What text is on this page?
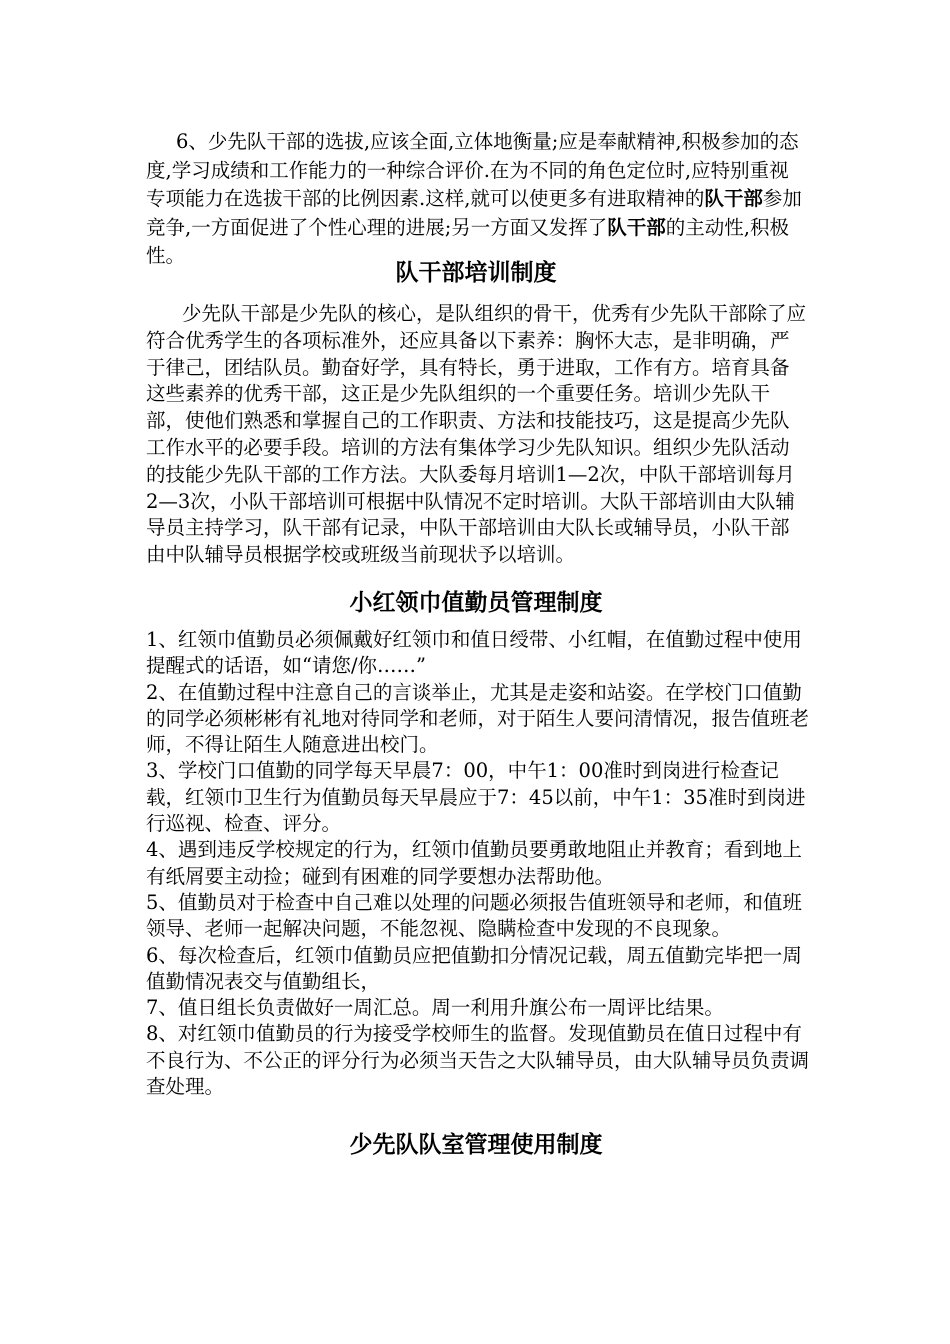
6、少先队干部的选拔,应该全面,立体地衡量;应是奉献精神,积极参加的态度,学习成绩和工作能力的一种综合评价.在为不同的角色定位时,应特别重视专项能力在选拔干部的比例因素.这样,就可以使更多有进取精神的队干部参加竞争,一方面促进了个性心理的进展;另一方面又发挥了队干部的主动性,积极性。

队干部培训制度

少先队干部是少先队的核心，是队组织的骨干，优秀有少先队干部除了应符合优秀学生的各项标准外，还应具备以下素养：胸怀大志，是非明确，严于律己，团结队员。勤奋好学，具有特长，勇于进取，工作有方。培育具备这些素养的优秀干部，这正是少先队组织的一个重要任务。培训少先队干部，使他们熟悉和掌握自己的工作职责、方法和技能技巧，这是提高少先队工作水平的必要手段。培训的方法有集体学习少先队知识。组织少先队活动的技能少先队干部的工作方法。大队委每月培训1—2次，中队干部培训每月2—3次，小队干部培训可根据中队情况不定时培训。大队干部培训由大队辅导员主持学习，队干部有记录，中队干部培训由大队长或辅导员，小队干部由中队辅导员根据学校或班级当前现状予以培训。

小红领巾值勤员管理制度

1、红领巾值勤员必须佩戴好红领巾和值日绶带、小红帽，在值勤过程中使用提醒式的话语，如“请您/你……”

2、在值勤过程中注意自己的言谈举止，尤其是走姿和站姿。在学校门口值勤的同学必须彬彬有礼地对待同学和老师，对于陌生人要问清情况，报告值班老师，不得让陌生人随意进出校门。

3、学校门口值勤的同学每天早晨7：00，中午1：00准时到岗进行检查记载，红领巾卫生行为值勤员每天早晨应于7：45以前，中午1：35准时到岗进行巡视、检查、评分。

4、遇到违反学校规定的行为，红领巾值勤员要勇敢地阻止并教育；看到地上有纸屑要主动捡；碰到有困难的同学要想办法帮助他。

5、值勤员对于检查中自己难以处理的问题必须报告值班领导和老师，和值班领导、老师一起解决问题，不能忽视、隐瞒检查中发现的不良现象。

6、每次检查后，红领巾值勤员应把值勤扣分情况记载，周五值勤完毕把一周值勤情况表交与值勤组长，

7、值日组长负责做好一周汇总。周一利用升旗公布一周评比结果。

8、对红领巾值勤员的行为接受学校师生的监督。发现值勤员在值日过程中有不良行为、不公正的评分行为必须当天告之大队辅导员，由大队辅导员负责调查处理。

少先队队室管理使用制度
